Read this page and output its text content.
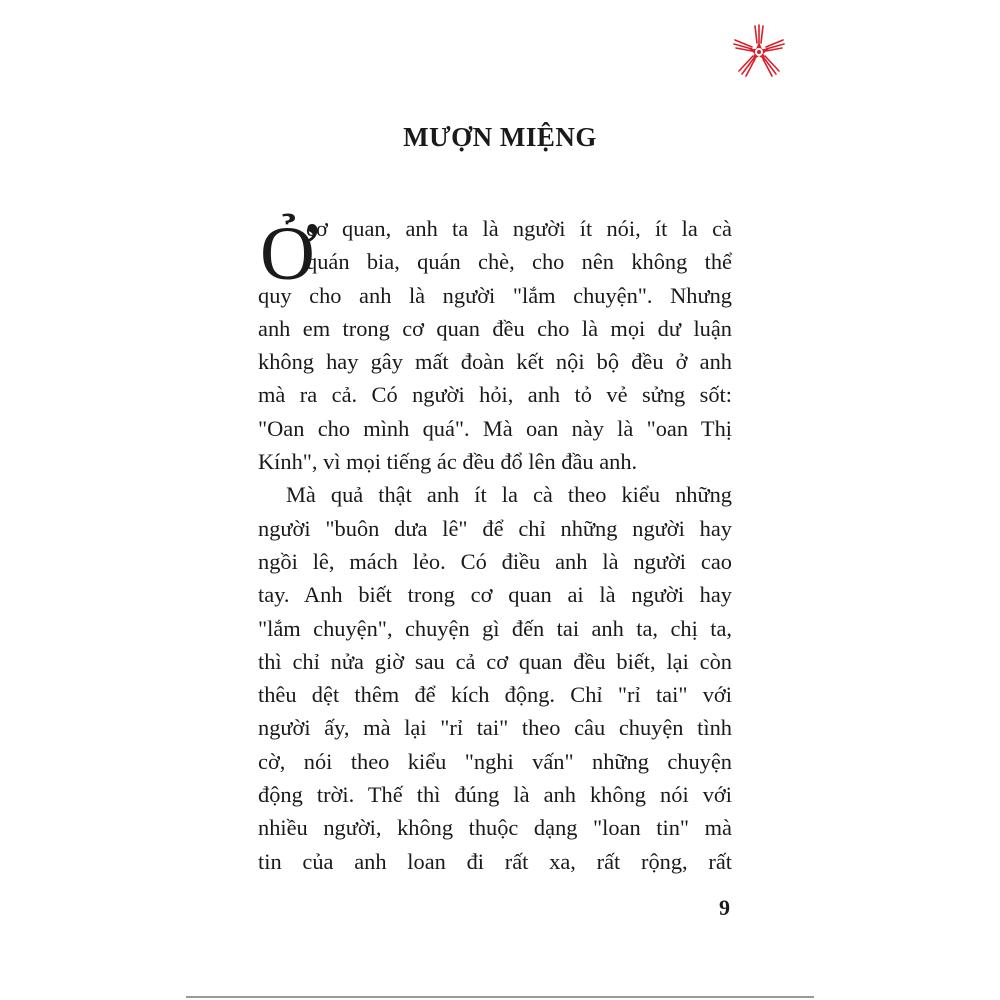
MƯỢN MIỆNG

Ở
cơ quan, anh ta là người ít nói, ít la cà
quán bia, quán chè, cho nên không thể
quy cho anh là người "lắm chuyện". Nhưng
anh em trong cơ quan đều cho là mọi dư luận
không hay gây mất đoàn kết nội bộ đều ở anh
mà ra cả. Có người hỏi, anh tỏ vẻ sửng sốt:
"Oan cho mình quá". Mà oan này là "oan Thị
Kính", vì mọi tiếng ác đều đổ lên đầu anh.

Mà quả thật anh ít la cà theo kiểu những
người "buôn dưa lê" để chỉ những người hay
ngồi lê, mách lẻo. Có điều anh là người cao
tay. Anh biết trong cơ quan ai là người hay
"lắm chuyện", chuyện gì đến tai anh ta, chị ta,
thì chỉ nửa giờ sau cả cơ quan đều biết, lại còn
thêu dệt thêm để kích động. Chỉ "rỉ tai" với
người ấy, mà lại "rỉ tai" theo câu chuyện tình
cờ, nói theo kiểu "nghi vấn" những chuyện
động trời. Thế thì đúng là anh không nói với
nhiều người, không thuộc dạng "loan tin" mà
tin của anh loan đi rất xa, rất rộng, rất

9
